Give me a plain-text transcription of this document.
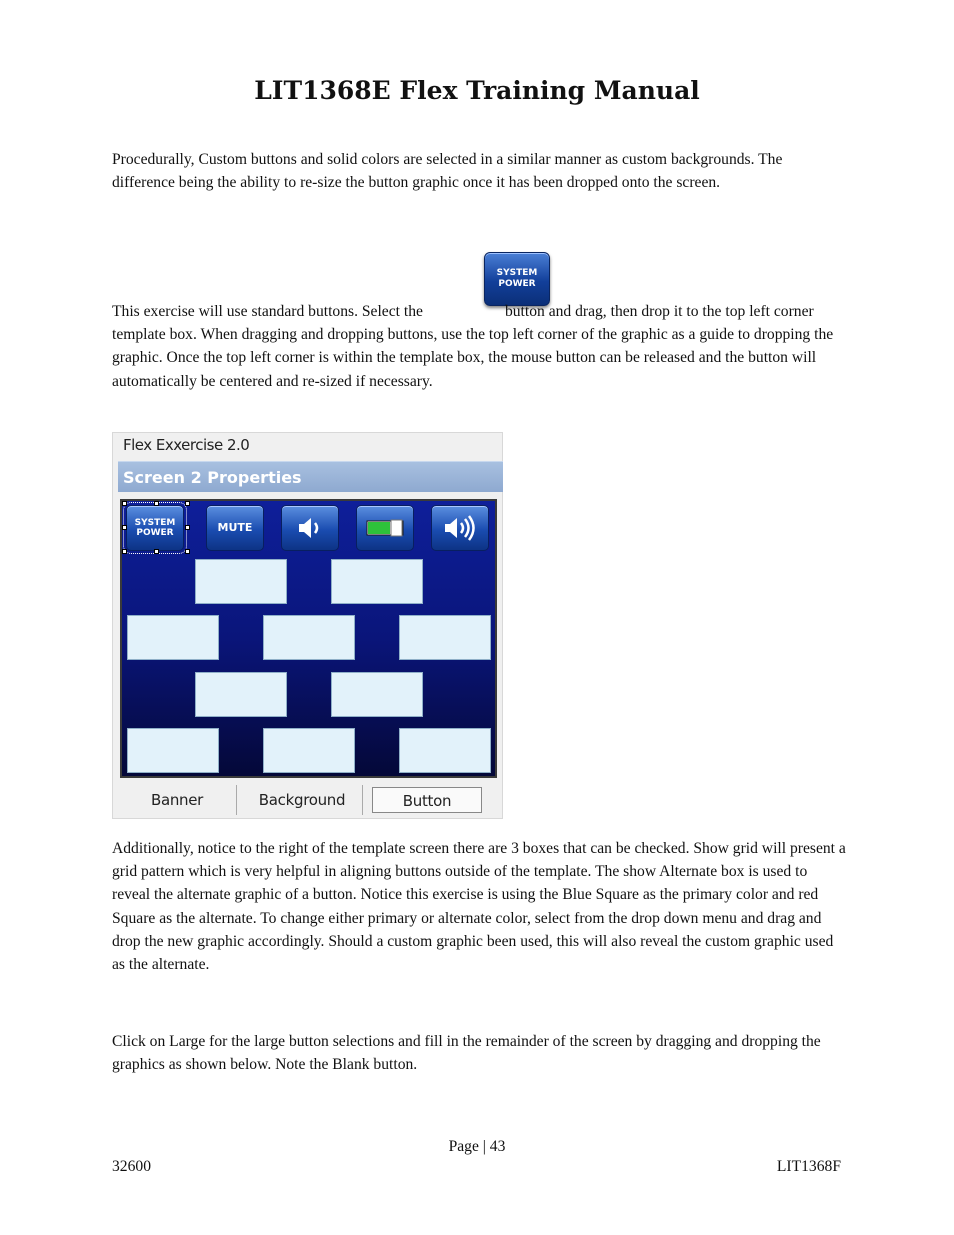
LIT1368E Flex Training Manual
Procedurally, Custom buttons and solid colors are selected in a similar manner as custom backgrounds. The difference being the ability to re-size the button graphic once it has been dropped onto the screen.
SYSTEM
POWER
This exercise will use standard buttons. Select the	button and drag, then drop it to the top left corner template box. When dragging and dropping buttons, use the top left corner of the graphic as a guide to dropping the graphic. Once the top left corner is within the template box, the mouse button can be released and the button will automatically be centered and re-sized if necessary.
Flex Exxercise 2.0
Screen 2 Properties
SYSTEM
POWER	MUTE
Banner	Background	Button
Additionally, notice to the right of the template screen there are 3 boxes that can be checked. Show grid will present a grid pattern which is very helpful in aligning buttons outside of the template. The show Alternate box is used to reveal the alternate graphic of a button. Notice this exercise is using the Blue Square as the primary color and red Square as the alternate. To change either primary or alternate color, select from the drop down menu and drag and drop the new graphic accordingly. Should a custom graphic been used, this will also reveal the custom graphic used as the alternate.
Click on Large for the large button selections and fill in the remainder of the screen by dragging and dropping the graphics as shown below. Note the Blank button.
Page | 43
32600	LIT1368F
